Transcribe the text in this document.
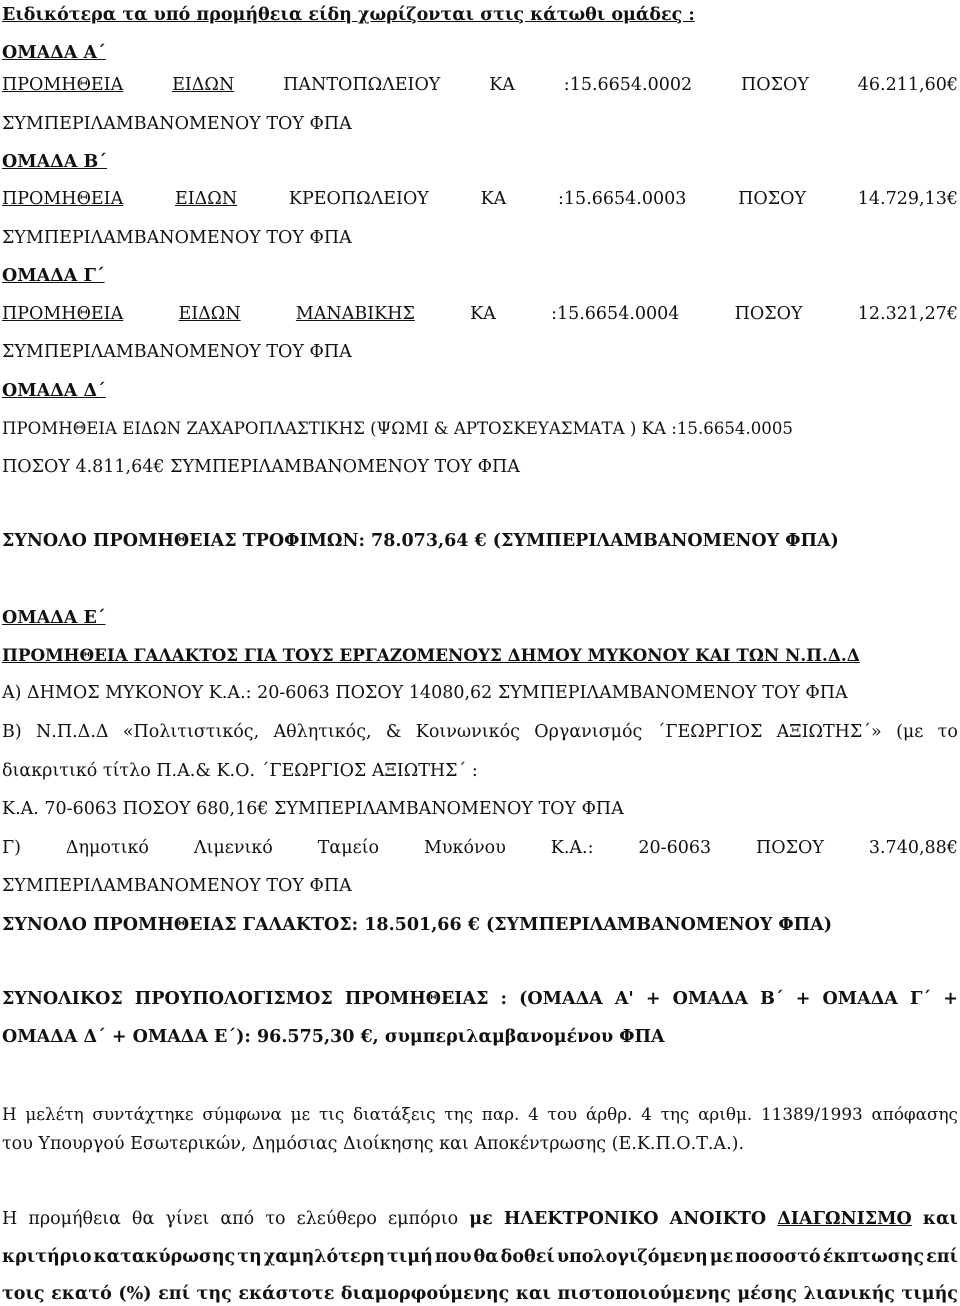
Ειδικότερα τα υπό προμήθεια είδη χωρίζονται στις κάτωθι ομάδες :
ΟΜΑΔΑ Α΄
ΠΡΟΜΗΘΕΙΑ	ΕΙΔΩΝ	ΠΑΝΤΟΠΩΛΕΙΟΥ	ΚΑ	:15.6654.0002	ΠΟΣΟΥ	46.211,60€
ΣΥΜΠΕΡΙΛΑΜΒΑΝΟΜΕΝΟΥ ΤΟΥ ΦΠΑ
ΟΜΑΔΑ Β΄
ΠΡΟΜΗΘΕΙΑ	ΕΙΔΩΝ	ΚΡΕΟΠΩΛΕΙΟΥ	ΚΑ	:15.6654.0003	ΠΟΣΟΥ	14.729,13€
ΣΥΜΠΕΡΙΛΑΜΒΑΝΟΜΕΝΟΥ ΤΟΥ ΦΠΑ
ΟΜΑΔΑ Γ΄
ΠΡΟΜΗΘΕΙΑ	ΕΙΔΩΝ	ΜΑΝΑΒΙΚΗΣ	ΚΑ	:15.6654.0004	ΠΟΣΟΥ	12.321,27€
ΣΥΜΠΕΡΙΛΑΜΒΑΝΟΜΕΝΟΥ ΤΟΥ ΦΠΑ
ΟΜΑΔΑ Δ΄
ΠΡΟΜΗΘΕΙΑ ΕΙΔΩΝ ΖΑΧΑΡΟΠΛΑΣΤΙΚΗΣ (ΨΩΜΙ & ΑΡΤΟΣΚΕΥΑΣΜΑΤΑ ) ΚΑ :15.6654.0005
ΠΟΣΟΥ 4.811,64€ ΣΥΜΠΕΡΙΛΑΜΒΑΝΟΜΕΝΟΥ ΤΟΥ ΦΠΑ
ΣΥΝΟΛΟ ΠΡΟΜΗΘΕΙΑΣ ΤΡΟΦΙΜΩΝ: 78.073,64 € (ΣΥΜΠΕΡΙΛΑΜΒΑΝΟΜΕΝΟΥ ΦΠΑ)
ΟΜΑΔΑ Ε΄
ΠΡΟΜΗΘΕΙΑ ΓΑΛΑΚΤΟΣ ΓΙΑ ΤΟΥΣ ΕΡΓΑΖΟΜΕΝΟΥΣ ΔΗΜΟΥ ΜΥΚΟΝΟΥ ΚΑΙ ΤΩΝ Ν.Π.Δ.Δ
Α) ΔΗΜΟΣ ΜΥΚΟΝΟΥ Κ.Α.: 20-6063 ΠΟΣΟΥ 14080,62 ΣΥΜΠΕΡΙΛΑΜΒΑΝΟΜΕΝΟΥ ΤΟΥ ΦΠΑ
Β) Ν.Π.Δ.Δ «Πολιτιστικός, Αθλητικός, & Κοινωνικός Οργανισμός ΄ΓΕΩΡΓΙΟΣ ΑΞΙΩΤΗΣ΄» (με το
διακριτικό τίτλο Π.Α.& Κ.Ο. ΄ΓΕΩΡΓΙΟΣ ΑΞΙΩΤΗΣ΄ :
Κ.Α. 70-6063 ΠΟΣΟΥ 680,16€ ΣΥΜΠΕΡΙΛΑΜΒΑΝΟΜΕΝΟΥ ΤΟΥ ΦΠΑ
Γ)	Δημοτικό	Λιμενικό	Ταμείο	Μυκόνου	Κ.Α.:	20-6063	ΠΟΣΟΥ	3.740,88€
ΣΥΜΠΕΡΙΛΑΜΒΑΝΟΜΕΝΟΥ ΤΟΥ ΦΠΑ
ΣΥΝΟΛΟ ΠΡΟΜΗΘΕΙΑΣ ΓΑΛΑΚΤΟΣ: 18.501,66 € (ΣΥΜΠΕΡΙΛΑΜΒΑΝΟΜΕΝΟΥ ΦΠΑ)
ΣΥΝΟΛΙΚΟΣ ΠΡΟΥΠΟΛΟΓΙΣΜΟΣ ΠΡΟΜΗΘΕΙΑΣ : (ΟΜΑΔΑ Α' + ΟΜΑΔΑ Β΄ + ΟΜΑΔΑ Γ΄ +
ΟΜΑΔΑ Δ΄ + ΟΜΑΔΑ Ε΄): 96.575,30 €, συμπεριλαμβανομένου ΦΠΑ
Η μελέτη συντάχτηκε σύμφωνα με τις διατάξεις της παρ. 4 του άρθρ. 4 της αριθμ. 11389/1993 απόφασης
του Υπουργού Εσωτερικών, Δημόσιας Διοίκησης και Αποκέντρωσης (Ε.Κ.Π.Ο.Τ.Α.).
Η προμήθεια θα γίνει από το ελεύθερο εμπόριο με ΗΛΕΚΤΡΟΝΙΚΟ ΑΝΟΙΚΤΟ ΔΙΑΓΩΝΙΣΜΟ και
κριτήριο κατακύρωσης τη χαμηλότερη τιμή που θα δοθεί υπολογιζόμενη με ποσοστό έκπτωσης επί
τοις εκατό (%) επί της εκάστοτε διαμορφούμενης και πιστοποιούμενης μέσης λιανικής τιμής
